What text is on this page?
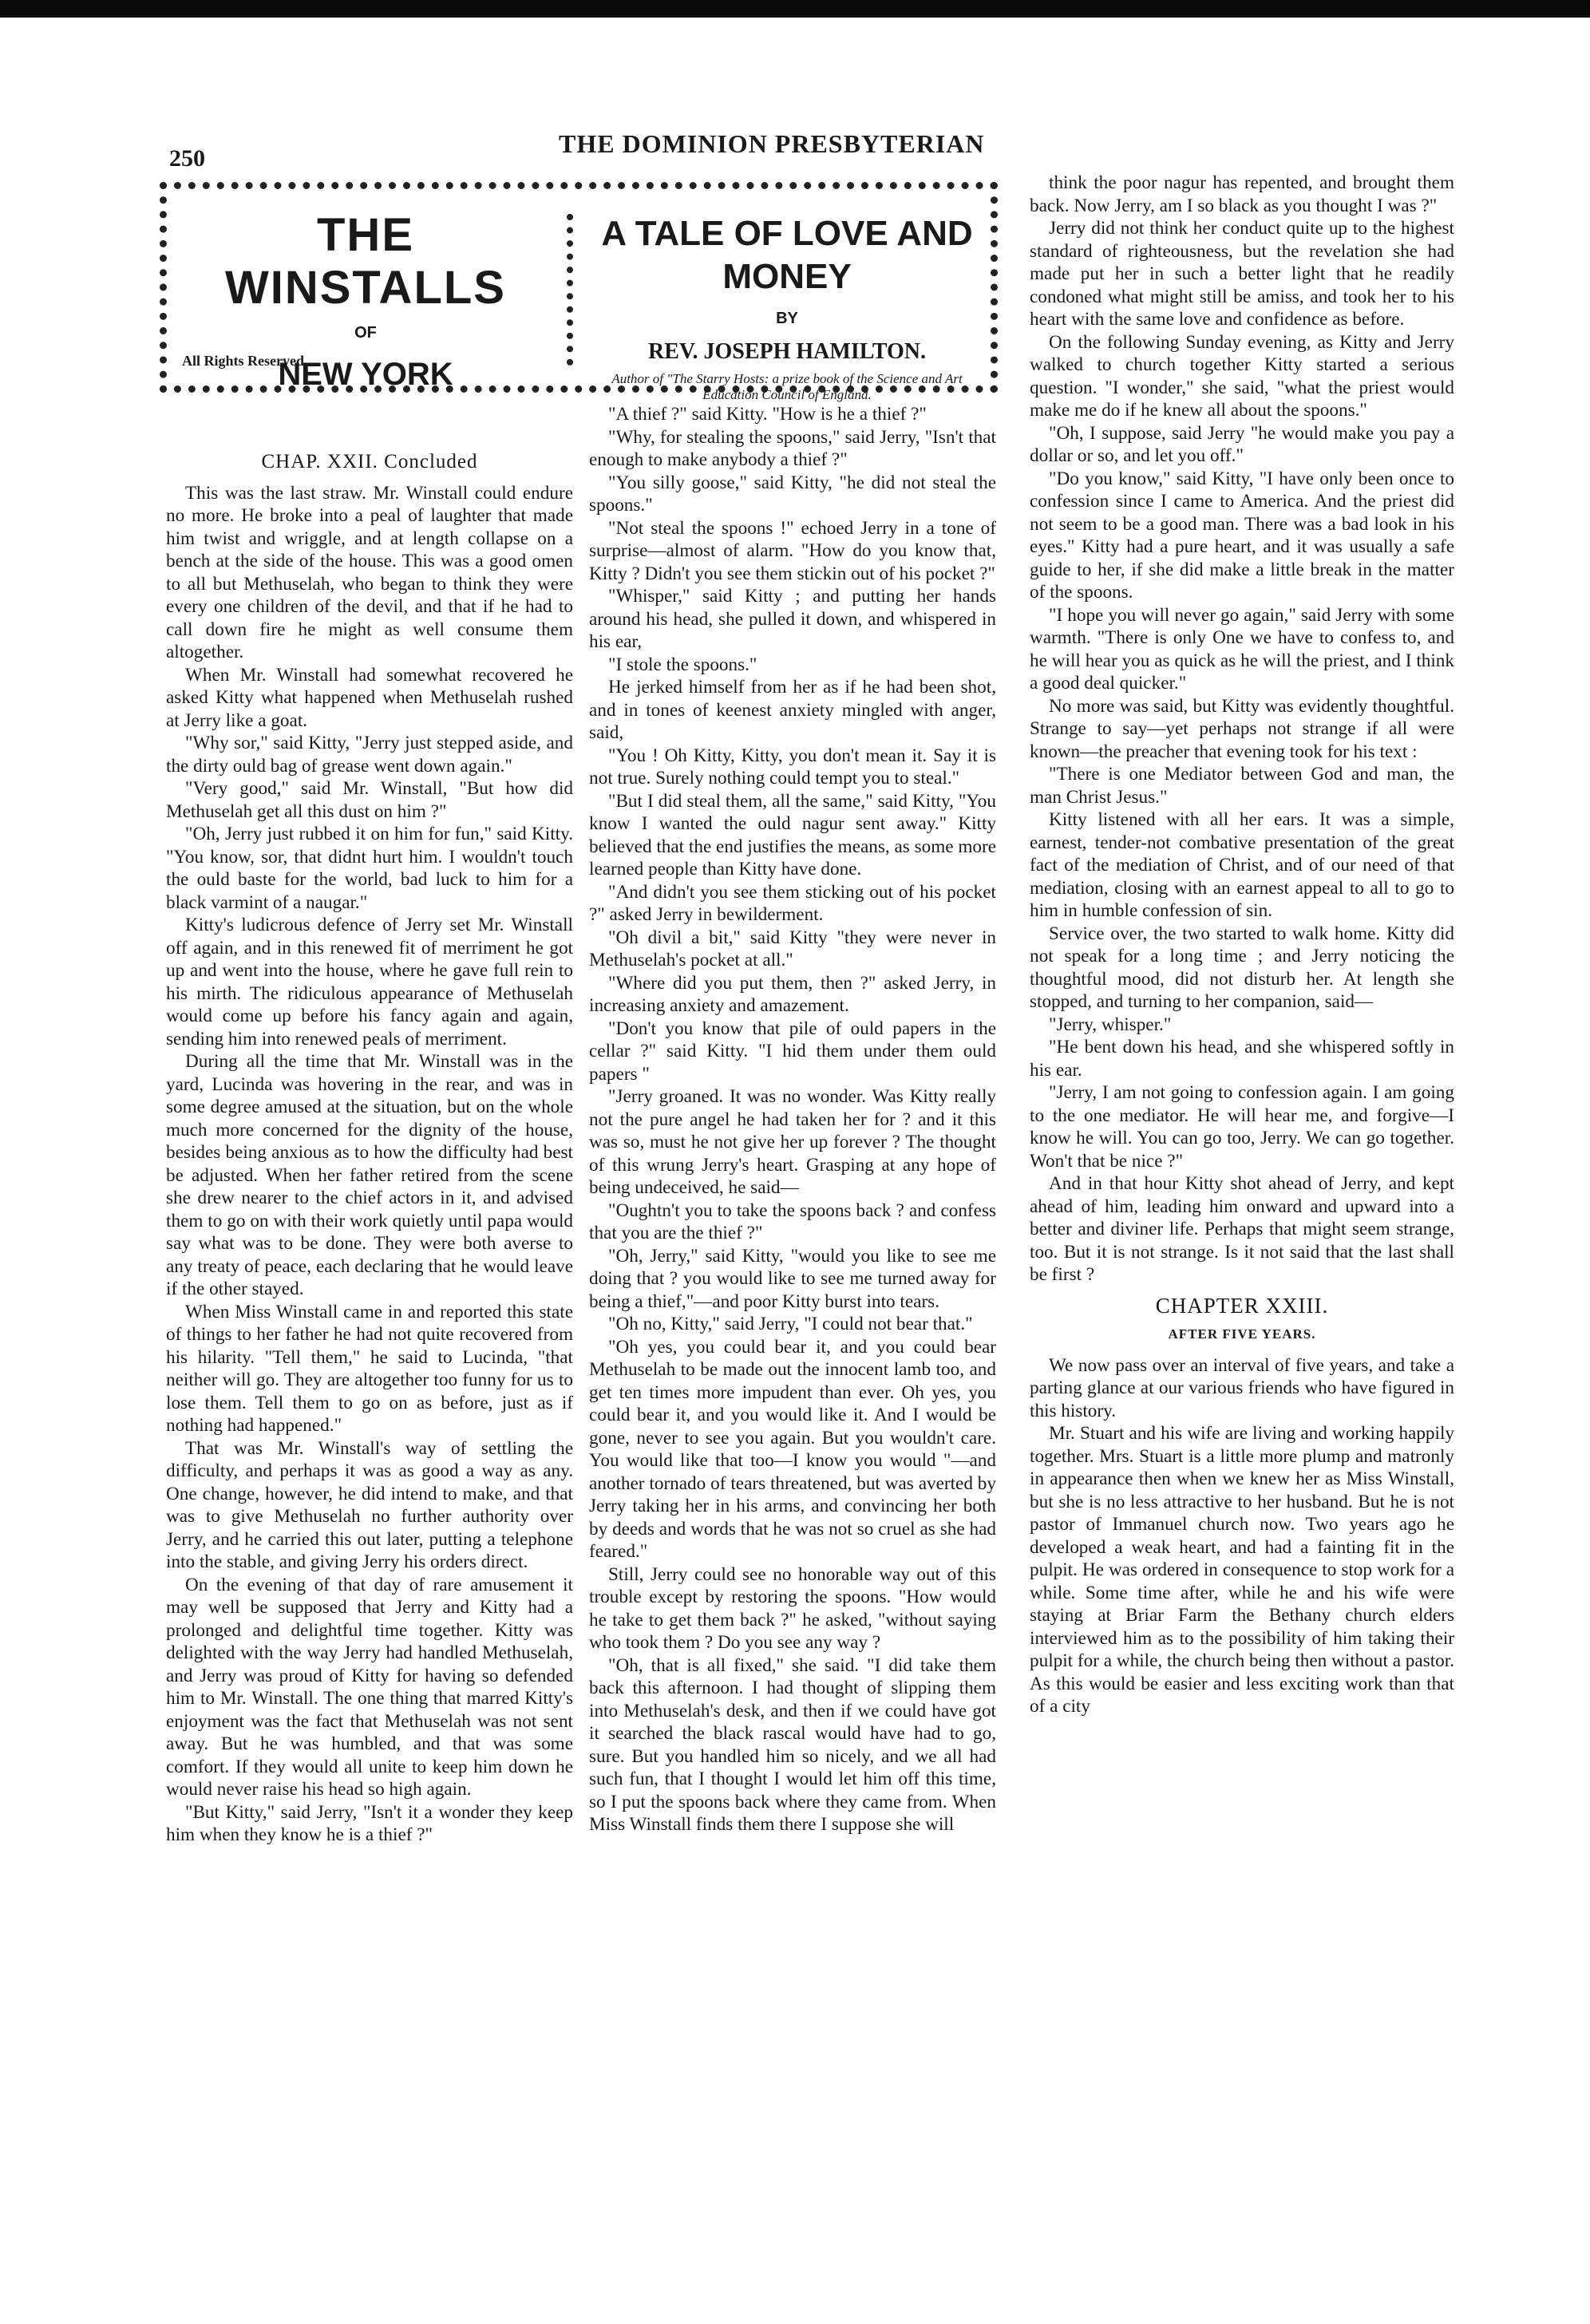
250
THE DOMINION PRESBYTERIAN
THE WINSTALLS
OF
NEW YORK
All Rights Reserved.
A TALE OF LOVE AND MONEY
BY
REV. JOSEPH HAMILTON.
Author of "The Starry Hosts: a prize book of the Science and Art Education Council of England.
CHAP. XXII. Concluded

This was the last straw. Mr. Winstall could endure no more. He broke into a peal of laughter that made him twist and wriggle, and at length collapse on a bench at the side of the house. This was a good omen to all but Methuselah, who began to think they were every one children of the devil, and that if he had to call down fire he might as well consume them altogether.

When Mr. Winstall had somewhat recovered he asked Kitty what happened when Methuselah rushed at Jerry like a goat.

"Why sor," said Kitty, "Jerry just stepped aside, and the dirty ould bag of grease went down again."

"Very good," said Mr. Winstall, "But how did Methuselah get all this dust on him ?"

"Oh, Jerry just rubbed it on him for fun," said Kitty. "You know, sor, that didnt hurt him. I wouldn't touch the ould baste for the world, bad luck to him for a black varmint of a naugar."

Kitty's ludicrous defence of Jerry set Mr. Winstall off again, and in this renewed fit of merriment he got up and went into the house, where he gave full rein to his mirth. The ridiculous appearance of Methuselah would come up before his fancy again and again, sending him into renewed peals of merriment.

During all the time that Mr. Winstall was in the yard, Lucinda was hovering in the rear, and was in some degree amused at the situation, but on the whole much more concerned for the dignity of the house, besides being anxious as to how the difficulty had best be adjusted. When her father retired from the scene she drew nearer to the chief actors in it, and advised them to go on with their work quietly until papa would say what was to be done. They were both averse to any treaty of peace, each declaring that he would leave if the other stayed.

When Miss Winstall came in and reported this state of things to her father he had not quite recovered from his hilarity. "Tell them," he said to Lucinda, "that neither will go. They are altogether too funny for us to lose them. Tell them to go on as before, just as if nothing had happened."

That was Mr. Winstall's way of settling the difficulty, and perhaps it was as good a way as any. One change, however, he did intend to make, and that was to give Methuselah no further authority over Jerry, and he carried this out later, putting a telephone into the stable, and giving Jerry his orders direct.

On the evening of that day of rare amusement it may well be supposed that Jerry and Kitty had a prolonged and delightful time together. Kitty was delighted with the way Jerry had handled Methuselah, and Jerry was proud of Kitty for having so defended him to Mr. Winstall. The one thing that marred Kitty's enjoyment was the fact that Methuselah was not sent away. But he was humbled, and that was some comfort. If they would all unite to keep him down he would never raise his head so high again.

"But Kitty," said Jerry, "Isn't it a wonder they keep him when they know he is a thief ?"

"A thief ?" said Kitty. "How is he a thief ?"

"Why, for stealing the spoons," said Jerry, "Isn't that enough to make anybody a thief ?"

"You silly goose," said Kitty, "he did not steal the spoons."

"Not steal the spoons !" echoed Jerry in a tone of surprise—almost of alarm. "How do you know that, Kitty ? Didn't you see them stickin out of his pocket ?"

"Whisper," said Kitty ; and putting her hands around his head, she pulled it down, and whispered in his ear,

"I stole the spoons."

He jerked himself from her as if he had been shot, and in tones of keenest anxiety mingled with anger, said,

"You ! Oh Kitty, Kitty, you don't mean it. Say it is not true. Surely nothing could tempt you to steal."

"But I did steal them, all the same," said Kitty, "You know I wanted the ould nagur sent away." Kitty believed that the end justifies the means, as some more learned people than Kitty have done.

"And didn't you see them sticking out of his pocket ?" asked Jerry in bewilderment.

"Oh divil a bit," said Kitty "they were never in Methuselah's pocket at all."

"Where did you put them, then ?" asked Jerry, in increasing anxiety and amazement.

"Don't you know that pile of ould papers in the cellar ?" said Kitty. "I hid them under them ould papers "

"Jerry groaned. It was no wonder. Was Kitty really not the pure angel he had taken her for ? and it this was so, must he not give her up forever ? The thought of this wrung Jerry's heart. Grasping at any hope of being undeceived, he said—

"Oughtn't you to take the spoons back ? and confess that you are the thief ?"

"Oh, Jerry," said Kitty, "would you like to see me doing that ? you would like to see me turned away for being a thief,"—and poor Kitty burst into tears.

"Oh no, Kitty," said Jerry, "I could not bear that."

"Oh yes, you could bear it, and you could bear Methuselah to be made out the innocent lamb too, and get ten times more impudent than ever. Oh yes, you could bear it, and you would like it. And I would be gone, never to see you again. But you wouldn't care. You would like that too—I know you would "—and another tornado of tears threatened, but was averted by Jerry taking her in his arms, and convincing her both by deeds and words that he was not so cruel as she had feared."

Still, Jerry could see no honorable way out of this trouble except by restoring the spoons. "How would he take to get them back ?" he asked, "without saying who took them ? Do you see any way ?

"Oh, that is all fixed," she said. "I did take them back this afternoon. I had thought of slipping them into Methuselah's desk, and then if we could have got it searched the black rascal would have had to go, sure. But you handled him so nicely, and we all had such fun, that I thought I would let him off this time, so I put the spoons back where they came from. When Miss Winstall finds them there I suppose she will

think the poor nagur has repented, and brought them back. Now Jerry, am I so black as you thought I was ?"

Jerry did not think her conduct quite up to the highest standard of righteousness, but the revelation she had made put her in such a better light that he readily condoned what might still be amiss, and took her to his heart with the same love and confidence as before.

On the following Sunday evening, as Kitty and Jerry walked to church together Kitty started a serious question. "I wonder," she said, "what the priest would make me do if he knew all about the spoons."

"Oh, I suppose, said Jerry "he would make you pay a dollar or so, and let you off."

"Do you know," said Kitty, "I have only been once to confession since I came to America. And the priest did not seem to be a good man. There was a bad look in his eyes." Kitty had a pure heart, and it was usually a safe guide to her, if she did make a little break in the matter of the spoons.

"I hope you will never go again," said Jerry with some warmth. "There is only One we have to confess to, and he will hear you as quick as he will the priest, and I think a good deal quicker."

No more was said, but Kitty was evidently thoughtful. Strange to say—yet perhaps not strange if all were known—the preacher that evening took for his text :

"There is one Mediator between God and man, the man Christ Jesus."

Kitty listened with all her ears. It was a simple, earnest, tender-not combative presentation of the great fact of the mediation of Christ, and of our need of that mediation, closing with an earnest appeal to all to go to him in humble confession of sin.

Service over, the two started to walk home. Kitty did not speak for a long time ; and Jerry noticing the thoughtful mood, did not disturb her. At length she stopped, and turning to her companion, said—

"Jerry, whisper."

"He bent down his head, and she whispered softly in his ear.

"Jerry, I am not going to confession again. I am going to the one mediator. He will hear me, and forgive—I know he will. You can go too, Jerry. We can go together. Won't that be nice ?"

And in that hour Kitty shot ahead of Jerry, and kept ahead of him, leading him onward and upward into a better and diviner life. Perhaps that might seem strange, too. But it is not strange. Is it not said that the last shall be first ?

CHAPTER XXIII.
AFTER FIVE YEARS.

We now pass over an interval of five years, and take a parting glance at our various friends who have figured in this history.

Mr. Stuart and his wife are living and working happily together. Mrs. Stuart is a little more plump and matronly in appearance then when we knew her as Miss Winstall, but she is no less attractive to her husband. But he is not pastor of Immanuel church now. Two years ago he developed a weak heart, and had a fainting fit in the pulpit. He was ordered in consequence to stop work for a while. Some time after, while he and his wife were staying at Briar Farm the Bethany church elders interviewed him as to the possibility of him taking their pulpit for a while, the church being then without a pastor. As this would be easier and less exciting work than that of a city
